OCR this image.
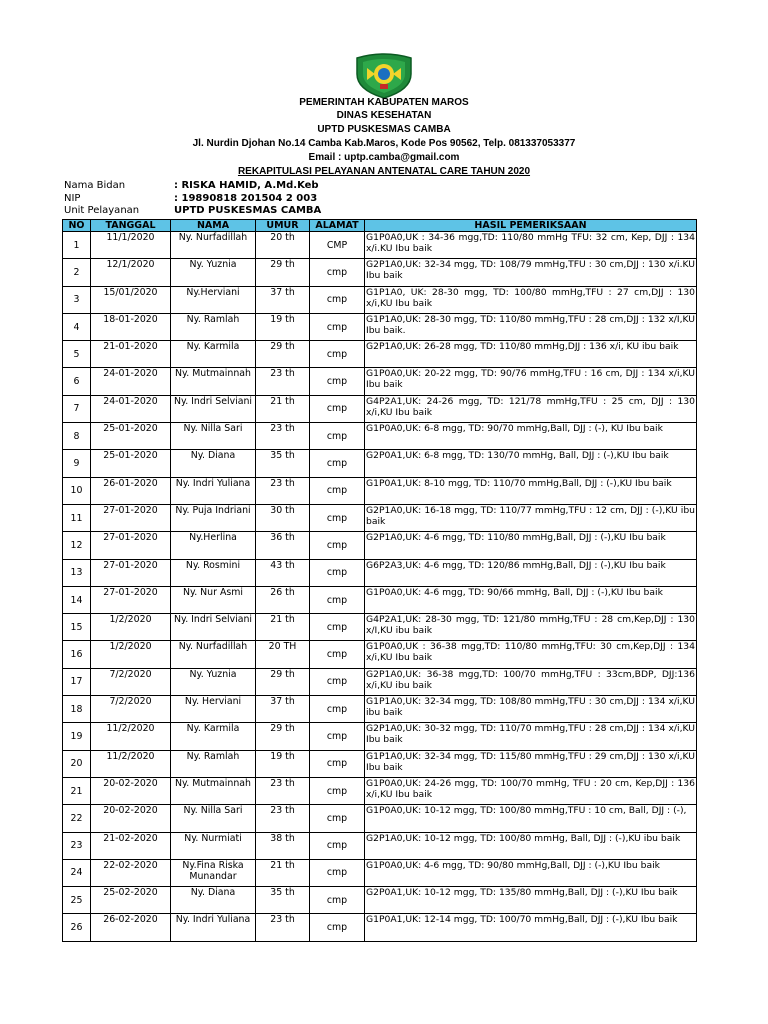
PEMERINTAH KABUPATEN MAROS
DINAS KESEHATAN
UPTD PUSKESMAS CAMBA
Jl. Nurdin Djohan No.14 Camba Kab.Maros, Kode Pos 90562, Telp. 081337053377
Email : uptp.camba@gmail.com
REKAPITULASI PELAYANAN ANTENATAL CARE TAHUN 2020
Nama Bidan	: RISKA HAMID, A.Md.Keb
NIP	: 19890818 201504 2 003
Unit Pelayanan	UPTD PUSKESMAS CAMBA
NO	TANGGAL	NAMA	UMUR	ALAMAT	HASIL PEMERIKSAAN
1	11/1/2020	Ny. Nurfadillah	20 th	CMP	G1P0A0,UK : 34-36 mgg,TD: 110/80 mmHg TFU: 32 cm, Kep, DJJ : 134 x/i.KU Ibu baik
2	12/1/2020	Ny. Yuznia	29 th	cmp	G2P1A0,UK: 32-34 mgg, TD: 108/79 mmHg,TFU : 30 cm,DJJ : 130 x/i.KU Ibu baik
3	15/01/2020	Ny.Herviani	37 th	cmp	G1P1A0, UK: 28-30 mgg, TD: 100/80 mmHg,TFU : 27 cm,DJJ : 130 x/i,KU Ibu baik
4	18-01-2020	Ny. Ramlah	19 th	cmp	G1P1A0,UK: 28-30 mgg, TD: 110/80 mmHg,TFU : 28 cm,DJJ : 132 x/I,KU Ibu baik.
5	21-01-2020	Ny. Karmila	29 th	cmp	G2P1A0,UK: 26-28 mgg, TD: 110/80 mmHg,DJJ : 136 x/i, KU ibu baik
6	24-01-2020	Ny. Mutmainnah	23 th	cmp	G1P0A0,UK: 20-22 mgg, TD: 90/76 mmHg,TFU : 16 cm, DJJ : 134 x/i,KU Ibu baik
7	24-01-2020	Ny. Indri Selviani	21 th	cmp	G4P2A1,UK: 24-26 mgg, TD: 121/78 mmHg,TFU : 25 cm, DJJ : 130 x/i,KU Ibu baik
8	25-01-2020	Ny. Nilla Sari	23 th	cmp	G1P0A0,UK: 6-8 mgg, TD: 90/70 mmHg,Ball, DJJ : (-), KU Ibu baik
9	25-01-2020	Ny. Diana	35 th	cmp	G2P0A1,UK: 6-8 mgg, TD: 130/70 mmHg, Ball, DJJ : (-),KU Ibu baik
10	26-01-2020	Ny. Indri Yuliana	23 th	cmp	G1P0A1,UK: 8-10 mgg, TD: 110/70 mmHg,Ball, DJJ : (-),KU Ibu baik
11	27-01-2020	Ny. Puja Indriani	30 th	cmp	G2P1A0,UK: 16-18 mgg, TD: 110/77 mmHg,TFU : 12 cm, DJJ : (-),KU ibu baik
12	27-01-2020	Ny.Herlina	36 th	cmp	G2P1A0,UK: 4-6 mgg, TD: 110/80 mmHg,Ball, DJJ : (-),KU Ibu baik
13	27-01-2020	Ny. Rosmini	43 th	cmp	G6P2A3,UK: 4-6 mgg, TD: 120/86 mmHg,Ball, DJJ : (-),KU Ibu baik
14	27-01-2020	Ny. Nur Asmi	26 th	cmp	G1P0A0,UK: 4-6 mgg, TD: 90/66 mmHg, Ball, DJJ : (-),KU Ibu baik
15	1/2/2020	Ny. Indri Selviani	21 th	cmp	G4P2A1,UK: 28-30 mgg, TD: 121/80 mmHg,TFU : 28 cm,Kep,DJJ : 130 x/I,KU ibu baik
16	1/2/2020	Ny. Nurfadillah	20 TH	cmp	G1P0A0,UK : 36-38 mgg,TD: 110/80 mmHg,TFU: 30 cm,Kep,DJJ : 134 x/i,KU Ibu baik
17	7/2/2020	Ny. Yuznia	29 th	cmp	G2P1A0,UK: 36-38 mgg,TD: 100/70 mmHg,TFU : 33cm,BDP, DJJ:136 x/i,KU ibu baik
18	7/2/2020	Ny. Herviani	37 th	cmp	G1P1A0,UK: 32-34 mgg, TD: 108/80 mmHg,TFU : 30 cm,DJJ : 134 x/i,KU ibu baik
19	11/2/2020	Ny. Karmila	29 th	cmp	G2P1A0,UK: 30-32 mgg, TD: 110/70 mmHg,TFU : 28 cm,DJJ : 134 x/i,KU Ibu baik
20	11/2/2020	Ny. Ramlah	19 th	cmp	G1P1A0,UK: 32-34 mgg, TD: 115/80 mmHg,TFU : 29 cm,DJJ : 130 x/i,KU Ibu baik
21	20-02-2020	Ny. Mutmainnah	23 th	cmp	G1P0A0,UK: 24-26 mgg, TD: 100/70 mmHg, TFU : 20 cm, Kep,DJJ : 136 x/i,KU Ibu baik
22	20-02-2020	Ny. Nilla Sari	23 th	cmp	G1P0A0,UK: 10-12 mgg, TD: 100/80 mmHg,TFU : 10 cm, Ball, DJJ : (-),
23	21-02-2020	Ny. Nurmiati	38 th	cmp	G2P1A0,UK: 10-12 mgg, TD: 100/80 mmHg, Ball, DJJ : (-),KU ibu baik
24	22-02-2020	Ny.Fina Riska Munandar	21 th	cmp	G1P0A0,UK: 4-6 mgg, TD: 90/80 mmHg,Ball, DJJ : (-),KU Ibu baik
25	25-02-2020	Ny. Diana	35 th	cmp	G2P0A1,UK: 10-12 mgg, TD: 135/80 mmHg,Ball, DJJ : (-),KU Ibu baik
26	26-02-2020	Ny. Indri Yuliana	23 th	cmp	G1P0A1,UK: 12-14 mgg, TD: 100/70 mmHg,Ball, DJJ : (-),KU Ibu baik
